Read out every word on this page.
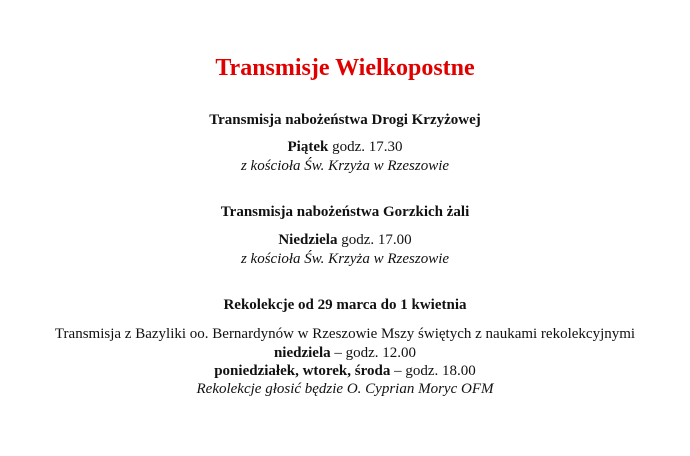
Transmisje Wielkopostne
Transmisja nabożeństwa Drogi Krzyżowej
Piątek godz. 17.30
z kościoła Św. Krzyża w Rzeszowie
Transmisja nabożeństwa Gorzkich żali
Niedziela godz. 17.00
z kościoła Św. Krzyża w Rzeszowie
Rekolekcje od 29 marca do 1 kwietnia
Transmisja z Bazyliki oo. Bernardynów w Rzeszowie Mszy świętych z naukami rekolekcyjnymi
niedziela – godz. 12.00
poniedziałek, wtorek, środa – godz. 18.00
Rekolekcje głosić będzie O. Cyprian Moryc OFM
